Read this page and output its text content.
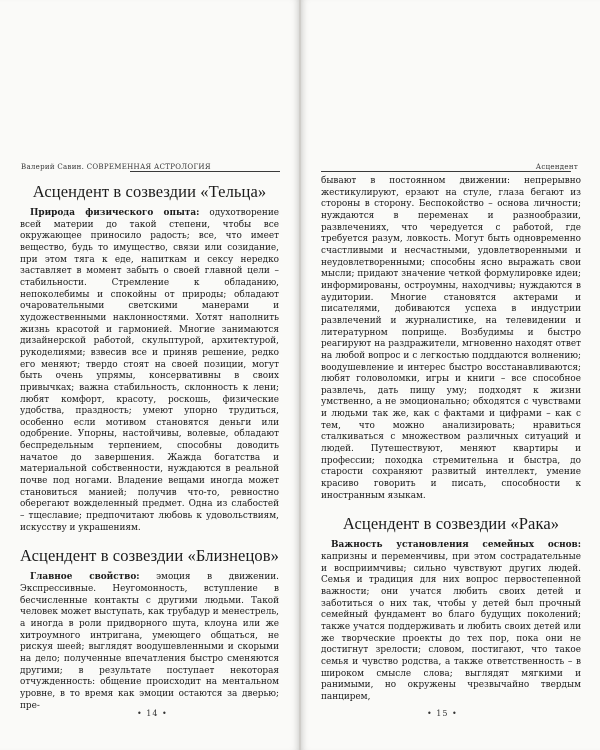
Валерий Савин. СОВРЕМЕННАЯ АСТРОЛОГИЯ
Асцендент в созвездии «Тельца»

Природа физического опыта: одухотворение всей материи до такой степени, чтобы все окружающее приносило радость; все, что имеет вещество, будь то имущество, связи или созидание, при этом тяга к еде, напиткам и сексу нередко заставляет в момент забыть о своей главной цели – стабильности. Стремление к обладанию, непоколебимы и спокойны от природы; обладают очаровательными светскими манерами и художественными наклонностями. Хотят наполнить жизнь красотой и гармонией. Многие занимаются дизайнерской работой, скульптурой, архитектурой, рукоделиями; взвесив все и приняв решение, редко его меняют; твердо стоят на своей позиции, могут быть очень упрямы, консервативны в своих привычках; важна стабильность, склонность к лени; любят комфорт, красоту, роскошь, физические удобства, праздность; умеют упорно трудиться, особенно если мотивом становятся деньги или одобрение. Упорны, настойчивы, волевые, обладают беспредельным терпением, способны доводить начатое до завершения. Жажда богатства и материальной собственности, нуждаются в реальной почве под ногами. Владение вещами иногда может становиться манией; получив что-то, ревностно оберегают вожделенный предмет. Одна из слабостей – тщеславие; предпочитают любовь к удовольствиям, искусству и украшениям.

Асцендент в созвездии «Близнецов»

Главное свойство: эмоция в движении. Экспрессивные. Неугомонность, вступление в бесчисленные контакты с другими людьми. Такой человек может выступать, как трубадур и менестрель, а иногда в роли придворного шута, клоуна или же хитроумного интригана, умеющего общаться, не рискуя шеей; выглядят воодушевленными и скорыми на дело; полученные впечатления быстро сменяются другими; в результате поступает некоторая отчужденность: общение происходит на ментальном уровне, в то время как эмоции остаются за дверью; пре-

• 14 •
Асцендент

бывают в постоянном движении: непрерывно жестикулируют, ерзают на стуле, глаза бегают из стороны в сторону. Беспокойство – основа личности; нуждаются в переменах и разнообразии, развлечениях, что чередуется с работой, где требуется разум, ловкость. Могут быть одновременно счастливыми и несчастными, удовлетворенными и неудовлетворенными; способны ясно выражать свои мысли; придают значение четкой формулировке идеи; информированы, остроумны, находчивы; нуждаются в аудитории. Многие становятся актерами и писателями, добиваются успеха в индустрии развлечений и журналистике, на телевидении и литературном поприще. Возбудимы и быстро реагируют на раздражители, мгновенно находят ответ на любой вопрос и с легкостью подддаются волнению; воодушевление и интерес быстро восстанавливаются; любят головоломки, игры и книги – все способное развлечь, дать пищу уму; подходят к жизни умственно, а не эмоционально; обходятся с чувствами и людьми так же, как с фактами и цифрами – как с тем, что можно анализировать; нравиться сталкиваться с множеством различных ситуаций и людей. Путешествуют, меняют квартиры и профессии; походка стремительна и быстра, до старости сохраняют развитый интеллект, умение красиво говорить и писать, способности к иностранным языкам.

Асцендент в созвездии «Рака»

Важность установления семейных основ: капризны и переменчивы, при этом сострадательные и восприимчивы; сильно чувствуют других людей. Семья и традиция для них вопрос первостепенной важности; они учатся любить своих детей и заботиться о них так, чтобы у детей был прочный семейный фундамент во благо будущих поколений; также учатся поддерживать и любить своих детей или же творческие проекты до тех пор, пока они не достигнут зрелости; словом, постигают, что такое семья и чувство родства, а также ответственность – в широком смысле слова; выглядят мягкими и ранимыми, но окружены чрезвычайно твердым панцирем,

• 15 •
